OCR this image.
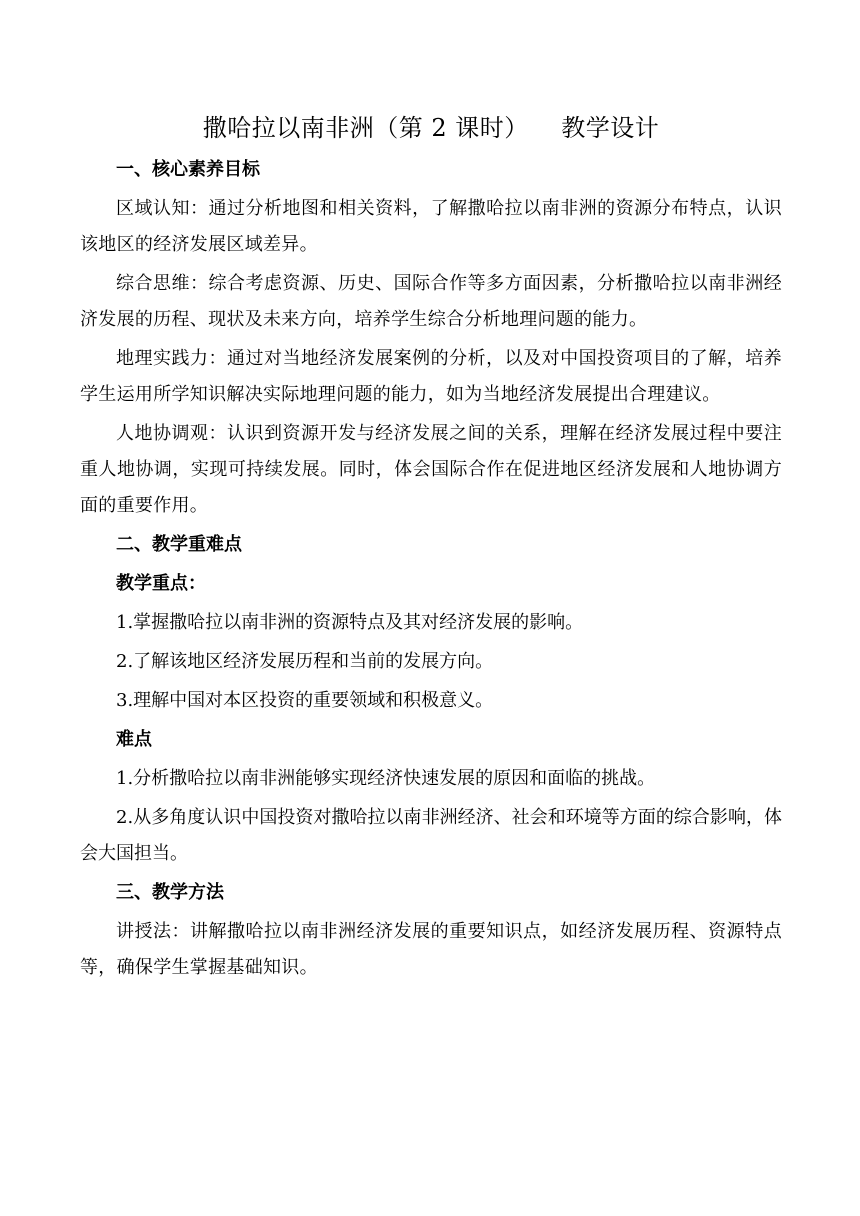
撒哈拉以南非洲（第 2 课时）    教学设计
一、核心素养目标

区域认知：通过分析地图和相关资料，了解撒哈拉以南非洲的资源分布特点，认识该地区的经济发展区域差异。

综合思维：综合考虑资源、历史、国际合作等多方面因素，分析撒哈拉以南非洲经济发展的历程、现状及未来方向，培养学生综合分析地理问题的能力。

地理实践力：通过对当地经济发展案例的分析，以及对中国投资项目的了解，培养学生运用所学知识解决实际地理问题的能力，如为当地经济发展提出合理建议。

人地协调观：认识到资源开发与经济发展之间的关系，理解在经济发展过程中要注重人地协调，实现可持续发展。同时，体会国际合作在促进地区经济发展和人地协调方面的重要作用。

二、教学重难点
教学重点：
1.掌握撒哈拉以南非洲的资源特点及其对经济发展的影响。
2.了解该地区经济发展历程和当前的发展方向。
3.理解中国对本区投资的重要领域和积极意义。
难点
1.分析撒哈拉以南非洲能够实现经济快速发展的原因和面临的挑战。

2.从多角度认识中国投资对撒哈拉以南非洲经济、社会和环境等方面的综合影响，体会大国担当。

三、教学方法

讲授法：讲解撒哈拉以南非洲经济发展的重要知识点，如经济发展历程、资源特点等，确保学生掌握基础知识。
